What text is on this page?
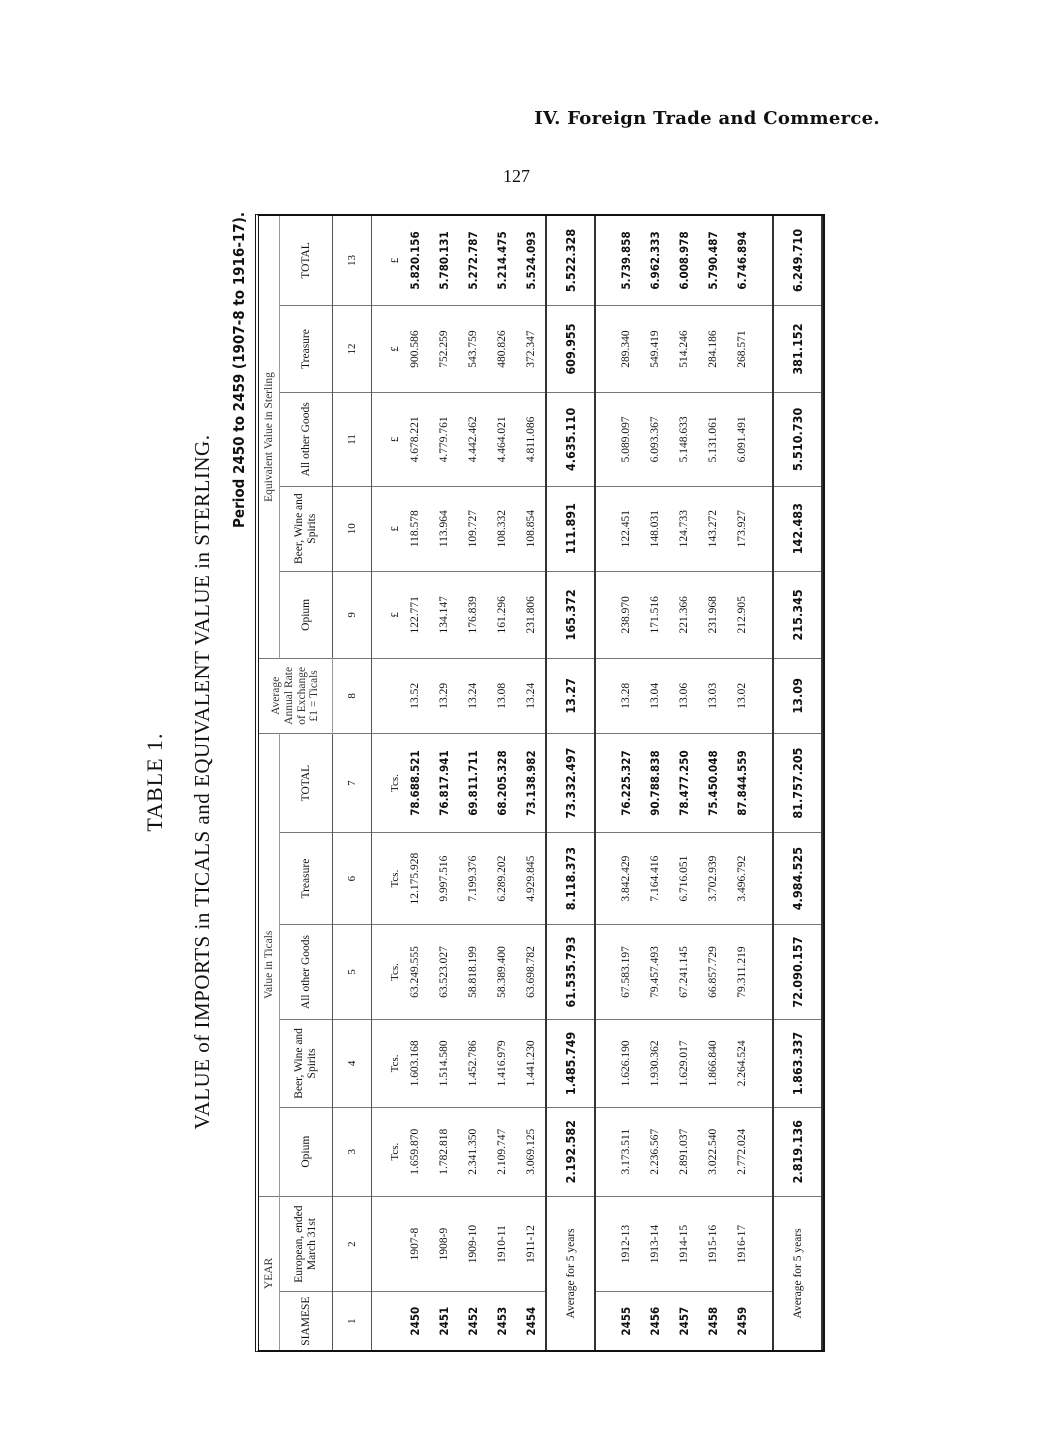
IV. Foreign Trade and Commerce.
127
TABLE 1. VALUE of IMPORTS in TICALS and EQUIVALENT VALUE in STERLING.
Period 2450 to 2459 (1907-8 to 1916-17).
YEAR		Value in Ticals					Average Annual Rate of Exchange £1 = Ticals	Equivalent Value in Sterling				
SIAMESE	European, ended March 31st	Opium	Beer, Wine and Spirits	All other Goods	Treasure	TOTAL		Opium	Beer, Wine and Spirits	All other Goods	Treasure	TOTAL
1	2	3	4	5	6	7	8	9	10	11	12	13
		Tcs.	Tcs.	Tcs.	Tcs.	Tcs.		£	£	£	£	£
2450	1907-8	1.659.870	1.603.168	63.249.555	12.175.928	78.688.521	13.52	122.771	118.578	4.678.221	900.586	5.820.156
2451	1908-9	1.782.818	1.514.580	63.523.027	9.997.516	76.817.941	13.29	134.147	113.964	4.779.761	752.259	5.780.131
2452	1909-10	2.341.350	1.452.786	58.818.199	7.199.376	69.811.711	13.24	176.839	109.727	4.442.462	543.759	5.272.787
2453	1910-11	2.109.747	1.416.979	58.389.400	6.289.202	68.205.328	13.08	161.296	108.332	4.464.021	480.826	5.214.475
2454	1911-12	3.069.125	1.441.230	63.698.782	4.929.845	73.138.982	13.24	231.806	108.854	4.811.086	372.347	5.524.093
Average for 5 years		2.192.582	1.485.749	61.535.793	8.118.373	73.332.497	13.27	165.372	111.891	4.635.110	609.955	5.522.328

2455	1912-13	3.173.511	1.626.190	67.583.197	3.842.429	76.225.327	13.28	238.970	122.451	5.089.097	289.340	5.739.858
2456	1913-14	2.236.567	1.930.362	79.457.493	7.164.416	90.788.838	13.04	171.516	148.031	6.093.367	549.419	6.962.333
2457	1914-15	2.891.037	1.629.017	67.241.145	6.716.051	78.477.250	13.06	221.366	124.733	5.148.633	514.246	6.008.978
2458	1915-16	3.022.540	1.866.840	66.857.729	3.702.939	75.450.048	13.03	231.968	143.272	5.131.061	284.186	5.790.487
2459	1916-17	2.772.024	2.264.524	79.311.219	3.496.792	87.844.559	13.02	212.905	173.927	6.091.491	268.571	6.746.894

Average for 5 years		2.819.136	1.863.337	72.090.157	4.984.525	81.757.205	13.09	215.345	142.483	5.510.730	381.152	6.249.710
